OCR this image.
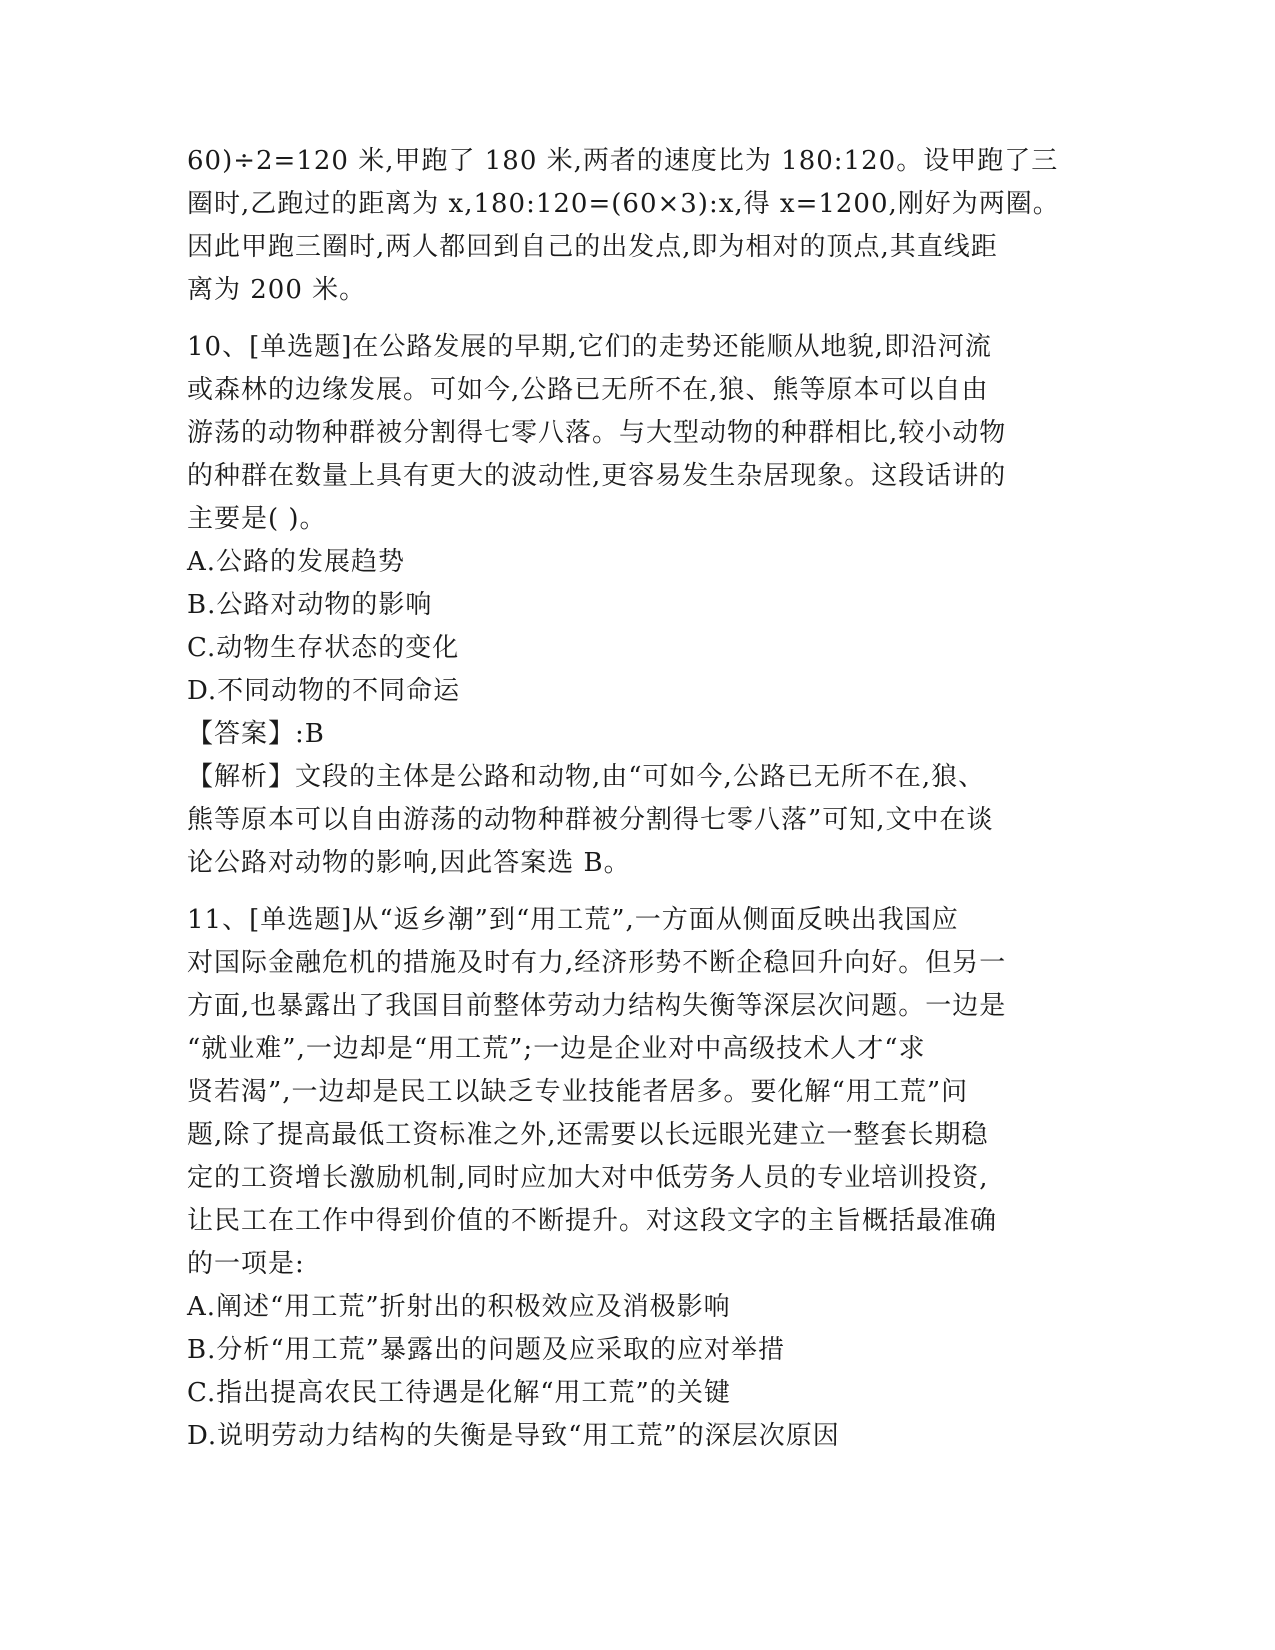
60)÷2=120 米,甲跑了 180 米,两者的速度比为 180:120。设甲跑了三

圈时,乙跑过的距离为 x,180:120=(60×3):x,得 x=1200,刚好为两圈。

因此甲跑三圈时,两人都回到自己的出发点,即为相对的顶点,其直线距

离为 200 米。

10、[单选题]在公路发展的早期,它们的走势还能顺从地貌,即沿河流

或森林的边缘发展。可如今,公路已无所不在,狼、熊等原本可以自由

游荡的动物种群被分割得七零八落。与大型动物的种群相比,较小动物

的种群在数量上具有更大的波动性,更容易发生杂居现象。这段话讲的

主要是( )。

A.公路的发展趋势

B.公路对动物的影响

C.动物生存状态的变化

D.不同动物的不同命运

【答案】:B

【解析】文段的主体是公路和动物,由“可如今,公路已无所不在,狼、

熊等原本可以自由游荡的动物种群被分割得七零八落”可知,文中在谈

论公路对动物的影响,因此答案选 B。

11、[单选题]从“返乡潮”到“用工荒”,一方面从侧面反映出我国应

对国际金融危机的措施及时有力,经济形势不断企稳回升向好。但另一

方面,也暴露出了我国目前整体劳动力结构失衡等深层次问题。一边是

“就业难”,一边却是“用工荒”;一边是企业对中高级技术人才“求

贤若渴”,一边却是民工以缺乏专业技能者居多。要化解“用工荒”问

题,除了提高最低工资标准之外,还需要以长远眼光建立一整套长期稳

定的工资增长激励机制,同时应加大对中低劳务人员的专业培训投资,

让民工在工作中得到价值的不断提升。对这段文字的主旨概括最准确

的一项是:

A.阐述“用工荒”折射出的积极效应及消极影响

B.分析“用工荒”暴露出的问题及应采取的应对举措

C.指出提高农民工待遇是化解“用工荒”的关键

D.说明劳动力结构的失衡是导致“用工荒”的深层次原因
